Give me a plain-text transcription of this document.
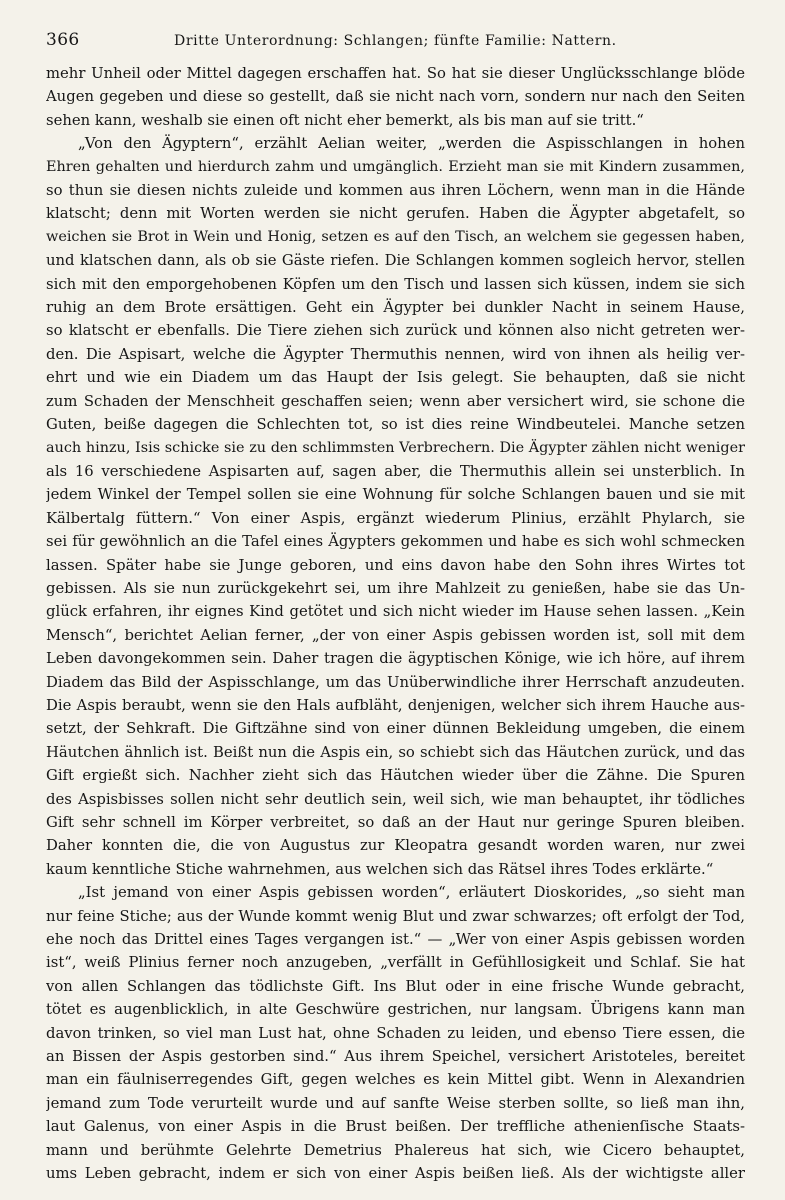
366	Dritte Unterordnung: Schlangen; fünfte Familie: Nattern.
mehr Unheil oder Mittel dagegen erschaffen hat. So hat sie dieser Unglücksschlange blöde
Augen gegeben und diese so gestellt, daß sie nicht nach vorn, sondern nur nach den Seiten
sehen kann, weshalb sie einen oft nicht eher bemerkt, als bis man auf sie tritt.“
„Von den Ägyptern“, erzählt Aelian weiter, „werden die Aspisschlangen in hohen
Ehren gehalten und hierdurch zahm und umgänglich. Erzieht man sie mit Kindern zusammen,
so thun sie diesen nichts zuleide und kommen aus ihren Löchern, wenn man in die Hände
klatscht; denn mit Worten werden sie nicht gerufen. Haben die Ägypter abgetafelt, so
weichen sie Brot in Wein und Honig, setzen es auf den Tisch, an welchem sie gegessen haben,
und klatschen dann, als ob sie Gäste riefen. Die Schlangen kommen sogleich hervor, stellen
sich mit den emporgehobenen Köpfen um den Tisch und lassen sich küssen, indem sie sich
ruhig an dem Brote ersättigen. Geht ein Ägypter bei dunkler Nacht in seinem Hause,
so klatscht er ebenfalls. Die Tiere ziehen sich zurück und können also nicht getreten wer-
den. Die Aspisart, welche die Ägypter Thermuthis nennen, wird von ihnen als heilig ver-
ehrt und wie ein Diadem um das Haupt der Isis gelegt. Sie behaupten, daß sie nicht
zum Schaden der Menschheit geschaffen seien; wenn aber versichert wird, sie schone die
Guten, beiße dagegen die Schlechten tot, so ist dies reine Windbeutelei. Manche setzen
auch hinzu, Isis schicke sie zu den schlimmsten Verbrechern. Die Ägypter zählen nicht weniger
als 16 verschiedene Aspisarten auf, sagen aber, die Thermuthis allein sei unsterblich. In
jedem Winkel der Tempel sollen sie eine Wohnung für solche Schlangen bauen und sie mit
Kälbertalg füttern.“ Von einer Aspis, ergänzt wiederum Plinius, erzählt Phylarch, sie
sei für gewöhnlich an die Tafel eines Ägypters gekommen und habe es sich wohl schmecken
lassen. Später habe sie Junge geboren, und eins davon habe den Sohn ihres Wirtes tot
gebissen. Als sie nun zurückgekehrt sei, um ihre Mahlzeit zu genießen, habe sie das Un-
glück erfahren, ihr eignes Kind getötet und sich nicht wieder im Hause sehen lassen. „Kein
Mensch“, berichtet Aelian ferner, „der von einer Aspis gebissen worden ist, soll mit dem
Leben davongekommen sein. Daher tragen die ägyptischen Könige, wie ich höre, auf ihrem
Diadem das Bild der Aspisschlange, um das Unüberwindliche ihrer Herrschaft anzudeuten.
Die Aspis beraubt, wenn sie den Hals aufbläht, denjenigen, welcher sich ihrem Hauche aus-
setzt, der Sehkraft. Die Giftzähne sind von einer dünnen Bekleidung umgeben, die einem
Häutchen ähnlich ist. Beißt nun die Aspis ein, so schiebt sich das Häutchen zurück, und das
Gift ergießt sich. Nachher zieht sich das Häutchen wieder über die Zähne. Die Spuren
des Aspisbisses sollen nicht sehr deutlich sein, weil sich, wie man behauptet, ihr tödliches
Gift sehr schnell im Körper verbreitet, so daß an der Haut nur geringe Spuren bleiben.
Daher konnten die, die von Augustus zur Kleopatra gesandt worden waren, nur zwei
kaum kenntliche Stiche wahrnehmen, aus welchen sich das Rätsel ihres Todes erklärte.“
„Ist jemand von einer Aspis gebissen worden“, erläutert Dioskorides, „so sieht man
nur feine Stiche; aus der Wunde kommt wenig Blut und zwar schwarzes; oft erfolgt der Tod,
ehe noch das Drittel eines Tages vergangen ist.“ — „Wer von einer Aspis gebissen worden
ist“, weiß Plinius ferner noch anzugeben, „verfällt in Gefühllosigkeit und Schlaf. Sie hat
von allen Schlangen das tödlichste Gift. Ins Blut oder in eine frische Wunde gebracht,
tötet es augenblicklich, in alte Geschwüre gestrichen, nur langsam. Übrigens kann man
davon trinken, so viel man Lust hat, ohne Schaden zu leiden, und ebenso Tiere essen, die
an Bissen der Aspis gestorben sind.“ Aus ihrem Speichel, versichert Aristoteles, bereitet
man ein fäulniserregendes Gift, gegen welches es kein Mittel gibt. Wenn in Alexandrien
jemand zum Tode verurteilt wurde und auf sanfte Weise sterben sollte, so ließ man ihn,
laut Galenus, von einer Aspis in die Brust beißen. Der treffliche athenienſische Staats-
mann und berühmte Gelehrte Demetrius Phalereus hat sich, wie Cicero behauptet,
ums Leben gebracht, indem er sich von einer Aspis beißen ließ. Als der wichtigste aller
